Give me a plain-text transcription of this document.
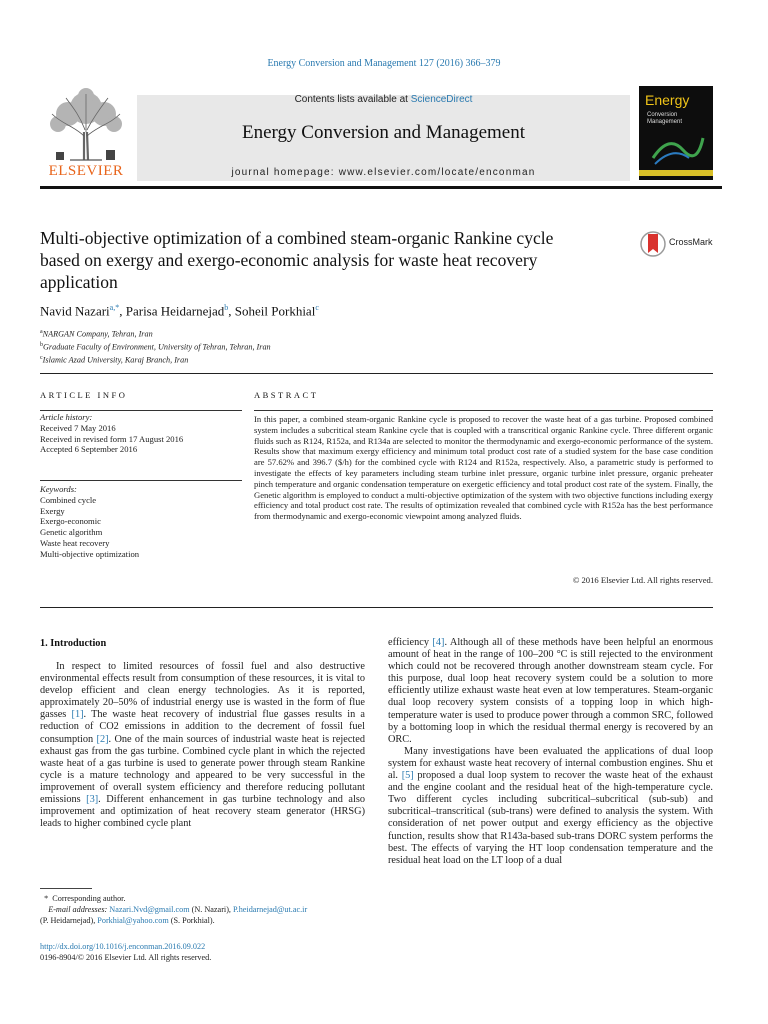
Energy Conversion and Management 127 (2016) 366–379
Contents lists available at ScienceDirect
Energy Conversion and Management
journal homepage: www.elsevier.com/locate/enconman
ELSEVIER
Energy
Conversion
Management
Multi-objective optimization of a combined steam-organic Rankine cycle
based on exergy and exergo-economic analysis for waste heat recovery
application
CrossMark
Navid Nazari$^{a,*}$, Parisa Heidarnejad$^b$, Soheil Porkhial$^c$
$^a$NARGAN Company, Tehran, Iran
$^b$Graduate Faculty of Environment, University of Tehran, Tehran, Iran
$^c$Islamic Azad University, Karaj Branch, Iran
ARTICLE INFO	ABSTRACT
Article history:
Received 7 May 2016
Received in revised form 17 August 2016
Accepted 6 September 2016
Keywords:
Combined cycle
Exergy
Exergo-economic
Genetic algorithm
Waste heat recovery
Multi-objective optimization
In this paper, a combined steam-organic Rankine cycle is proposed to recover the waste heat of a gas turbine. Proposed combined system includes a subcritical steam Rankine cycle that is coupled with a transcritical organic Rankine cycle. Three different organic fluids such as R124, R152a, and R134a are selected to monitor the thermodynamic and exergo-economic performance of the system. Results show that maximum exergy efficiency and minimum total product cost rate of a studied system for the base case condition are 57.62% and 396.7 ($/h) for the combined cycle with R124 and R152a, respectively. Also, a parametric study is performed to investigate the effects of key parameters including steam turbine inlet pressure, organic turbine inlet pressure, organic preheater pinch temperature and organic condensation temperature on exergetic efficiency and total product cost rate of the system. Finally, the Genetic algorithm is employed to conduct a multi-objective optimization of the system with two objective functions including exergy efficiency and total product cost rate. The results of optimization revealed that combined cycle with R152a has the best performance from thermodynamic and exergo-economic viewpoint among analyzed fluids.
© 2016 Elsevier Ltd. All rights reserved.
1. Introduction

In respect to limited resources of fossil fuel and also destructive environmental effects result from consumption of these resources, it is vital to develop efficient and clean energy technologies. As it is reported, approximately 20–50% of industrial energy use is wasted in the form of flue gasses [1]. The waste heat recovery of industrial flue gasses results in a reduction of CO2 emissions in addition to the decrement of fossil fuel consumption [2]. One of the main sources of industrial waste heat is rejected exhaust gas from the gas turbine. Combined cycle plant in which the rejected waste heat of a gas turbine is used to generate power through steam Rankine cycle is a mature technology and appeared to be very successful in the improvement of overall system efficiency and therefore reducing pollutant emissions [3]. Different enhancement in gas turbine technology and also improvement and optimization of heat recovery steam generator (HRSG) leads to higher combined cycle plant

efficiency [4]. Although all of these methods have been helpful an enormous amount of heat in the range of 100–200 °C is still rejected to the environment which could not be recovered through another downstream steam cycle. For this purpose, dual loop heat recovery system could be a solution to more efficiently utilize exhaust waste heat even at low temperatures. Steam-organic dual loop recovery system consists of a topping loop in which high-temperature water is used to produce power through a common SRC, followed by a bottoming loop in which the residual thermal energy is recovered by an ORC.

Many investigations have been evaluated the applications of dual loop system for exhaust waste heat recovery of internal combustion engines. Shu et al. [5] proposed a dual loop system to recover the waste heat of the exhaust and the engine coolant and the residual heat of the high-temperature cycle. Two different cycles including subcritical–subcritical (sub-sub) and subcritical–transcritical (sub-trans) were defined to analysis the system. With consideration of net power output and exergy efficiency as the objective function, results show that R143a-based sub-trans DORC system performs the best. The effects of varying the HT loop condensation temperature and the residual heat load on the LT loop of a dual

*  Corresponding author.
E-mail addresses: Nazari.Nvd@gmail.com (N. Nazari), P.heidarnejad@ut.ac.ir
(P. Heidarnejad), Porkhial@yahoo.com (S. Porkhial).
http://dx.doi.org/10.1016/j.enconman.2016.09.022
0196-8904/© 2016 Elsevier Ltd. All rights reserved.
